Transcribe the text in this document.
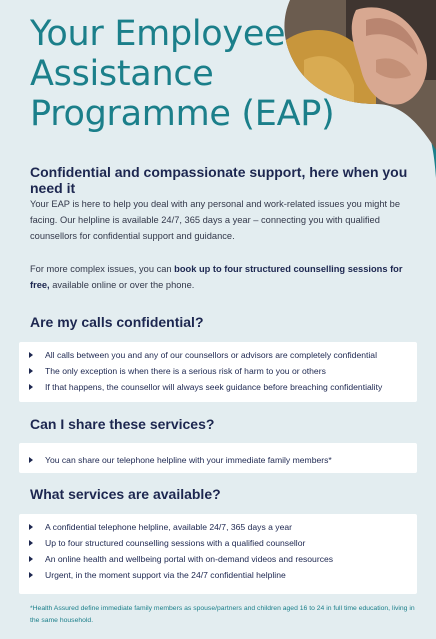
Your Employee
Assistance
Programme (EAP)
Confidential and compassionate support, here when you need it

Your EAP is here to help you deal with any personal and work-related issues you might be facing. Our helpline is available 24/7, 365 days a year – connecting you with qualified counsellors for confidential support and guidance.

For more complex issues, you can book up to four structured counselling sessions for free, available online or over the phone.

Are my calls confidential?
All calls between you and any of our counsellors or advisors are completely confidential
The only exception is when there is a serious risk of harm to you or others
If that happens, the counsellor will always seek guidance before breaching confidentiality
Can I share these services?
You can share our telephone helpline with your immediate family members*
What services are available?
A confidential telephone helpline, available 24/7, 365 days a year
Up to four structured counselling sessions with a qualified counsellor
An online health and wellbeing portal with on-demand videos and resources
Urgent, in the moment support via the 24/7 confidential helpline

*Health Assured define immediate family members as spouse/partners and children aged 16 to 24 in full time education, living in the same household.
